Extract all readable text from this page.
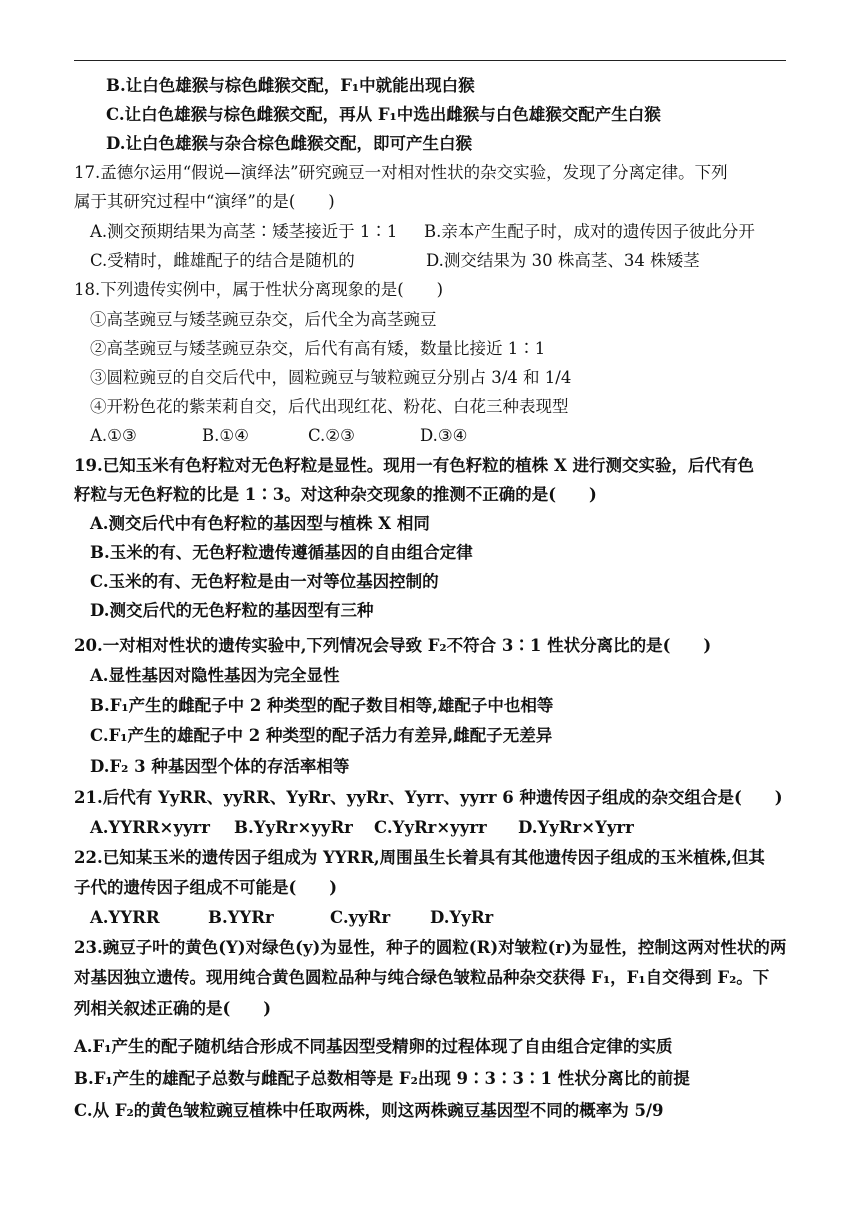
B.让白色雄猴与棕色雌猴交配，F₁中就能出现白猴
C.让白色雄猴与棕色雌猴交配，再从 F₁中选出雌猴与白色雄猴交配产生白猴
D.让白色雄猴与杂合棕色雌猴交配，即可产生白猴
17.孟德尔运用“假说—演绎法”研究豌豆一对相对性状的杂交实验，发现了分离定律。下列
属于其研究过程中“演绎”的是(　　)
A.测交预期结果为高茎∶矮茎接近于 1∶1 B.亲本产生配子时，成对的遗传因子彼此分开
C.受精时，雌雄配子的结合是随机的	D.测交结果为 30 株高茎、34 株矮茎
18.下列遗传实例中，属于性状分离现象的是(　　)
①高茎豌豆与矮茎豌豆杂交，后代全为高茎豌豆
②高茎豌豆与矮茎豌豆杂交，后代有高有矮，数量比接近 1∶1
③圆粒豌豆的自交后代中，圆粒豌豆与皱粒豌豆分别占 3/4 和 1/4
④开粉色花的紫茉莉自交，后代出现红花、粉花、白花三种表现型
A.①③	B.①④	C.②③	D.③④
19.已知玉米有色籽粒对无色籽粒是显性。现用一有色籽粒的植株 X 进行测交实验，后代有色
籽粒与无色籽粒的比是 1∶3。对这种杂交现象的推测不正确的是(　　)
A.测交后代中有色籽粒的基因型与植株 X 相同
B.玉米的有、无色籽粒遗传遵循基因的自由组合定律
C.玉米的有、无色籽粒是由一对等位基因控制的
D.测交后代的无色籽粒的基因型有三种
20.一对相对性状的遗传实验中,下列情况会导致 F₂不符合 3∶1 性状分离比的是(　　)
A.显性基因对隐性基因为完全显性
B.F₁产生的雌配子中 2 种类型的配子数目相等,雄配子中也相等
C.F₁产生的雄配子中 2 种类型的配子活力有差异,雌配子无差异
D.F₂ 3 种基因型个体的存活率相等
21.后代有 YyRR、yyRR、YyRr、yyRr、Yyrr、yyrr 6 种遗传因子组成的杂交组合是(　　)
A.YYRR×yyrr B.YyRr×yyRr C.YyRr×yyrr D.YyRr×Yyrr
22.已知某玉米的遗传因子组成为 YYRR,周围虽生长着具有其他遗传因子组成的玉米植株,但其
子代的遗传因子组成不可能是(　　)
A.YYRR	B.YYRr	C.yyRr D.YyRr
23.豌豆子叶的黄色(Y)对绿色(y)为显性，种子的圆粒(R)对皱粒(r)为显性，控制这两对性状的两
对基因独立遗传。现用纯合黄色圆粒品种与纯合绿色皱粒品种杂交获得 F₁，F₁自交得到 F₂。下
列相关叙述正确的是(　　)
A.F₁产生的配子随机结合形成不同基因型受精卵的过程体现了自由组合定律的实质
B.F₁产生的雄配子总数与雌配子总数相等是 F₂出现 9∶3∶3∶1 性状分离比的前提
C.从 F₂的黄色皱粒豌豆植株中任取两株，则这两株豌豆基因型不同的概率为 5/9
